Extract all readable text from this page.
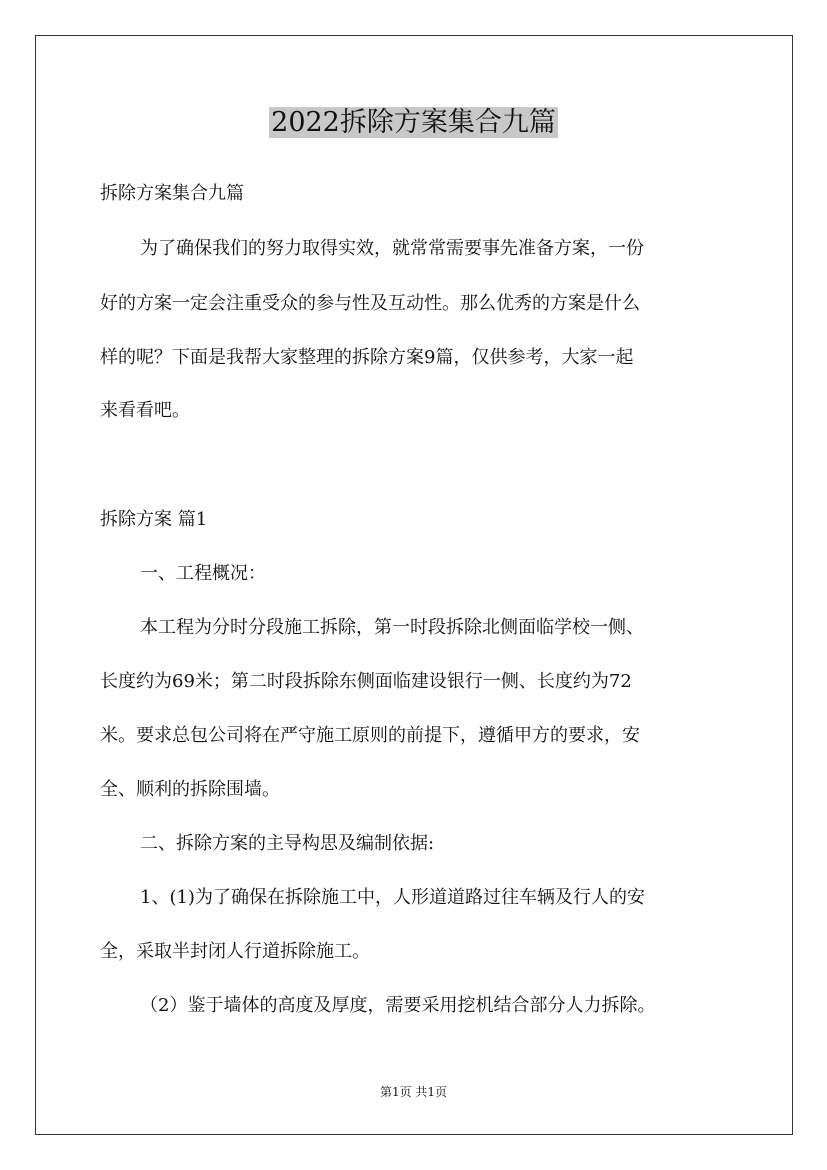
2022拆除方案集合九篇

拆除方案集合九篇

为了确保我们的努力取得实效，就常常需要事先准备方案，一份

好的方案一定会注重受众的参与性及互动性。那么优秀的方案是什么

样的呢？下面是我帮大家整理的拆除方案9篇，仅供参考，大家一起

来看看吧。

拆除方案 篇1

一、工程概况：

本工程为分时分段施工拆除，第一时段拆除北侧面临学校一侧、

长度约为69米；第二时段拆除东侧面临建设银行一侧、长度约为72

米。要求总包公司将在严守施工原则的前提下，遵循甲方的要求，安

全、顺利的拆除围墙。

二、拆除方案的主导构思及编制依据:

1、(1)为了确保在拆除施工中，人形道道路过往车辆及行人的安

全，采取半封闭人行道拆除施工。

（2）鉴于墙体的高度及厚度，需要采用挖机结合部分人力拆除。

第1页 共1页
